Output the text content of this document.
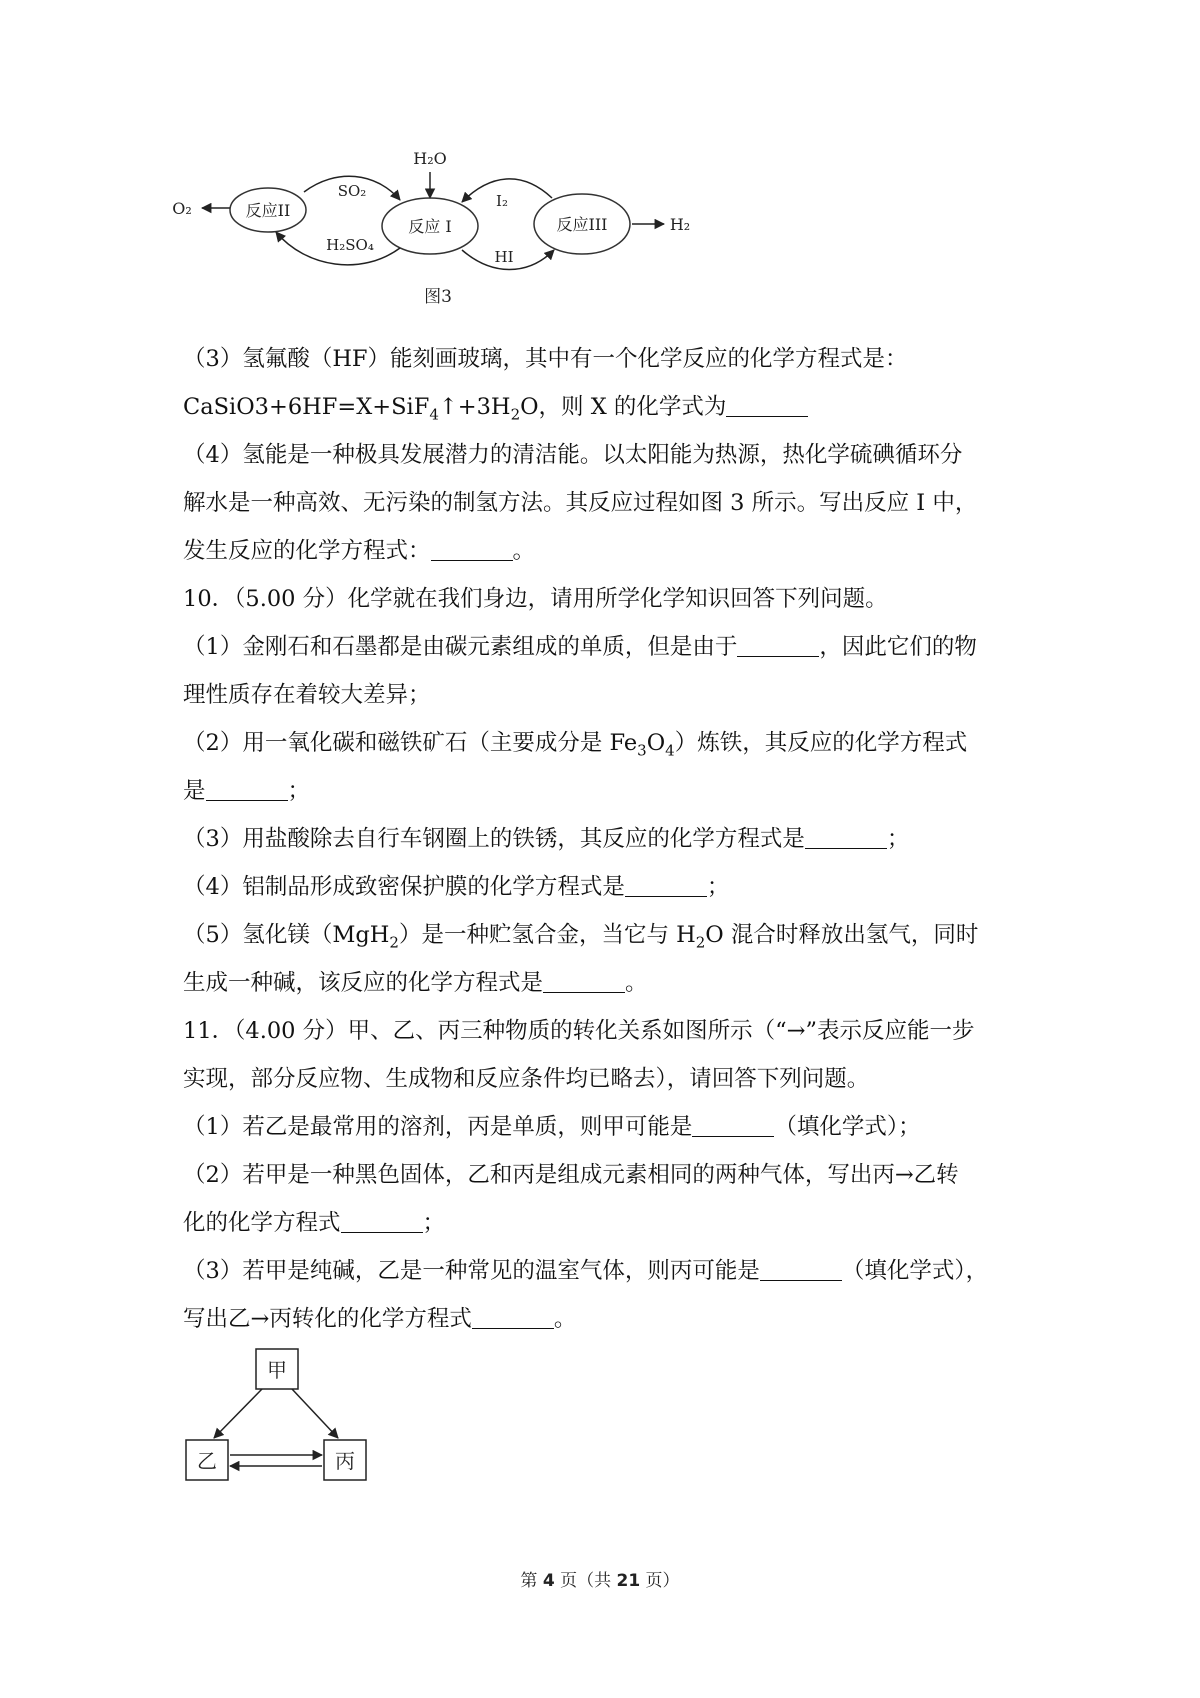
H₂O
反应II
反应 I	反应III
SO₂
H₂SO₄
I₂
HI
O₂
H₂
图3

（3）氢氟酸（HF）能刻画玻璃，其中有一个化学反应的化学方程式是：

$CaSiO3+6HF=X+SiF_4↑+3H_2O$，则 X 的化学式为

（4）氢能是一种极具发展潜力的清洁能。以太阳能为热源，热化学硫碘循环分

解水是一种高效、无污染的制氢方法。其反应过程如图 3 所示。写出反应 I 中，

发生反应的化学方程式：	。

10．（5.00 分）化学就在我们身边，请用所学化学知识回答下列问题。

（1）金刚石和石墨都是由碳元素组成的单质，但是由于	，因此它们的物

理性质存在着较大差异；

（2）用一氧化碳和磁铁矿石（主要成分是 $Fe_3O_4$）炼铁，其反应的化学方程式

是	；

（3）用盐酸除去自行车钢圈上的铁锈，其反应的化学方程式是	；

（4）铝制品形成致密保护膜的化学方程式是	；

（5）氢化镁（MgH$_2$）是一种贮氢合金，当它与 $H_2O$ 混合时释放出氢气，同时

生成一种碱，该反应的化学方程式是	。

11．（4.00 分）甲、乙、丙三种物质的转化关系如图所示（“→”表示反应能一步

实现，部分反应物、生成物和反应条件均已略去），请回答下列问题。

（1）若乙是最常用的溶剂，丙是单质，则甲可能是	（填化学式）；

（2）若甲是一种黑色固体，乙和丙是组成元素相同的两种气体，写出丙→乙转

化的化学方程式	；

（3）若甲是纯碱，乙是一种常见的温室气体，则丙可能是	（填化学式），

写出乙→丙转化的化学方程式	。

甲
乙	丙
第 4 页（共 21 页）
